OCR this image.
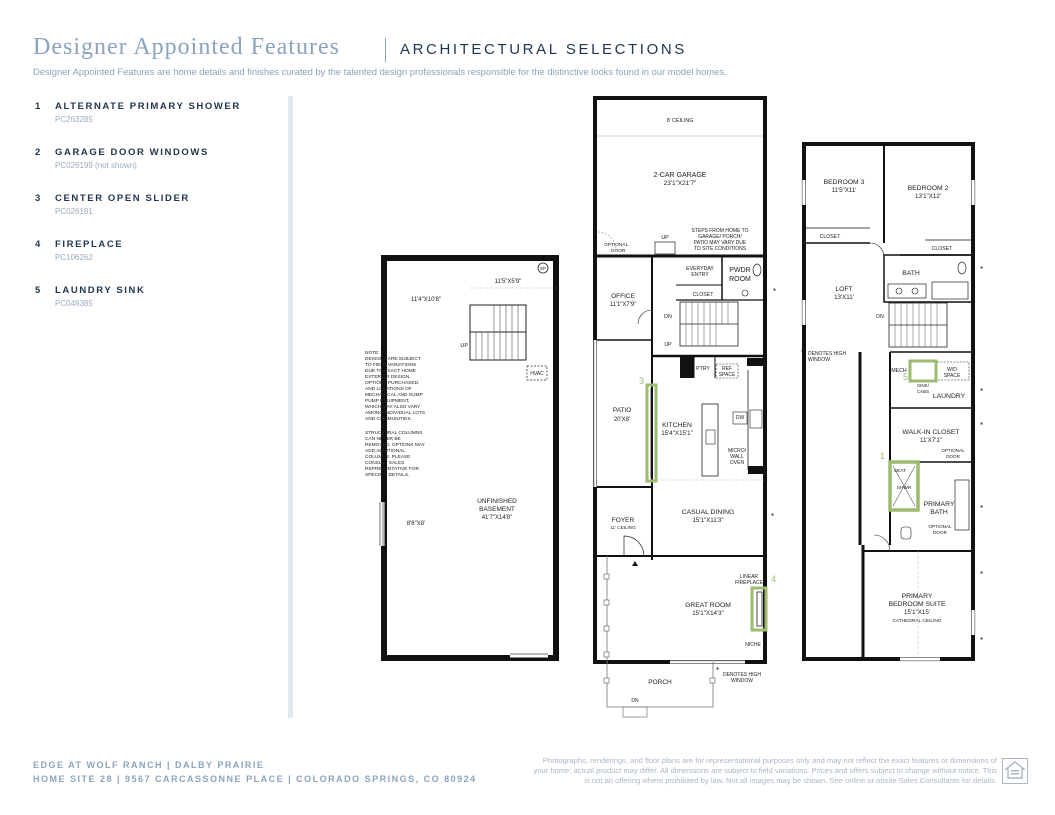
Designer Appointed Features	ARCHITECTURAL SELECTIONS
Designer Appointed Features are home details and finishes curated by the talented design professionals responsible for the distinctive looks found in our model homes.
1 ALTERNATE PRIMARY SHOWER
PC263285
2 GARAGE DOOR WINDOWS
PC026199 (not shown)
3 CENTER OPEN SLIDER
PC026181
4 FIREPLACE
PC106262
5 LAUNDRY SINK
PC048385
SP
11'5"X5'9"
11'4"X10'8"
UP
HVAC
NOTE:
DESIGNS ARE SUBJECT
TO FIELD VARIATIONS
DUE TO EXACT HOME
EXTERIOR DESIGN,
OPTIONS PURCHASED,
AND LOCATIONS OF
MECHANICAL AND SUMP
PUMP EQUIPMENT,
WHICH MAY ALSO VARY
AMONG INDIVIDUAL LOTS
AND COMMUNITIES.
STRUCTURAL COLUMNS
CAN NEVER BE
REMOVED. OPTIONS MAY
ADD ADDITIONAL
COLUMNS. PLEASE
CONSULT SALES
REPRESENTATIVE FOR
SPECIFIC DETAILS.
UNFINISHED
BASEMENT
41'7"X14'8"
8'8"X8'
8' CEILING
2-CAR GARAGE
23'1"X21'7"
OPTIONAL
DOOR
UP
STEPS FROM HOME TO
GARAGE/ PORCH/
PATIO MAY VARY DUE
TO SITE CONDITIONS
EVERYDAY
ENTRY
CLOSET
PWDR
ROOM
*
OFFICE
11'1"X7'9"
DN
UP
PTRY REF
SPACE
PATIO
20'X8'
3
KITCHEN
15'4"X15'1"
DW
MICRO/
WALL
OVEN
CASUAL DINING
15'1"X11'3"	*
FOYER
11' CEILING
LINEAR
FIREPLACE 4
GREAT ROOM
15'1"X14'3"
NICHE
PORCH
DN
* DENOTES HIGH
WINDOW
BEDROOM 3
11'5"X11'	BEDROOM 2
13'1"X12'
CLOSET
CLOSET
BATH	*
LOFT
13'X11'
DN
* DENOTES HIGH
WINDOW
MECH	W/D
SPACE
5
SINK/
CABS
LAUNDRY
*
WALK-IN CLOSET
11'X7'1"
*
OPTIONAL
DOOR
SEAT
SHWR
1
PRIMARY
BATH	*
OPTIONAL
DOOR
PRIMARY
BEDROOM SUITE
15'1"X15'
CATHEDRAL CEILING
*
*
EDGE AT WOLF RANCH | DALBY PRAIRIE
HOME SITE 28 | 9567 CARCASSONNE PLACE | COLORADO SPRINGS, CO 80924
Photographs, renderings, and floor plans are for representational purposes only and may not reflect the exact features or dimensions of your home; actual product may differ. All dimensions are subject to field variations. Prices and offers subject to change without notice. This is not an offering where prohibited by law. Not all images may be shown. See online or onsite Sales Consultants for details.
